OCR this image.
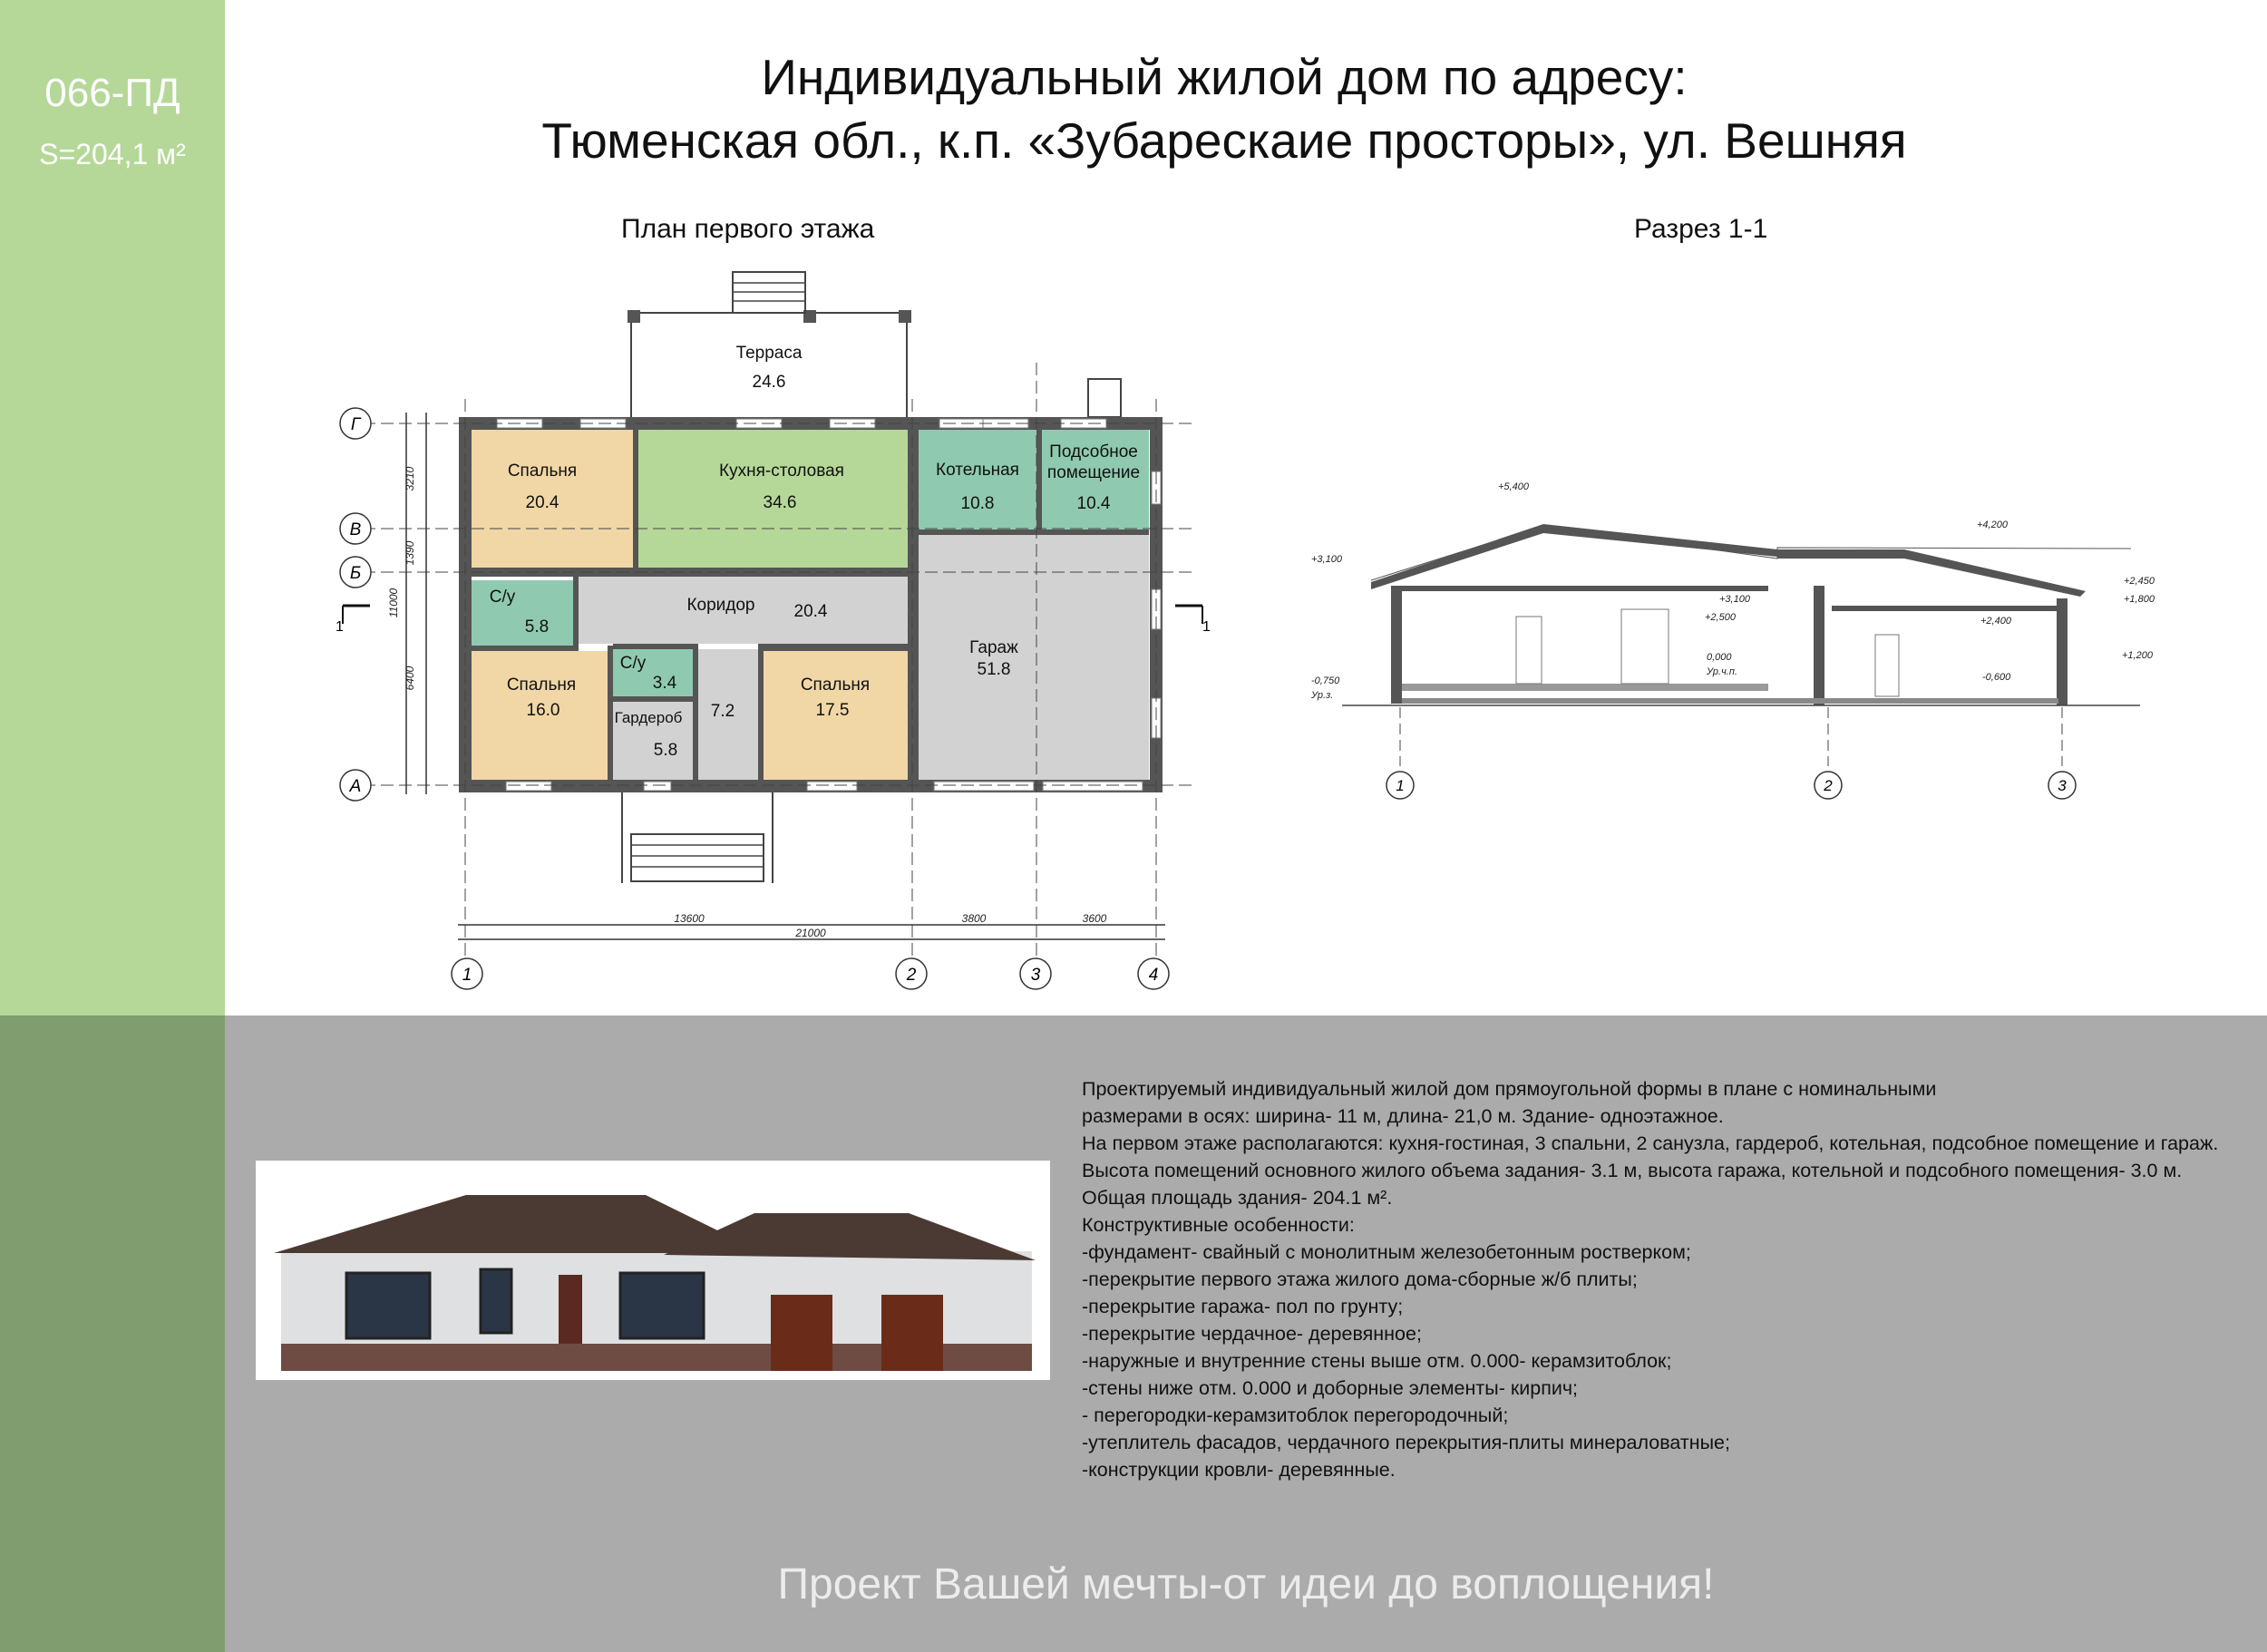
066-ПД
S=204,1 м²
Индивидуальный жилой дом по адресу:
Тюменская обл., к.п. «Зубарескаие просторы», ул. Вешняя
План первого этажа	Разрез 1-1
Терраса
24.6
Спальня
20.4
Кухня-столовая
34.6
Котельная
10.8
Подсобное
помещение
10.4
С/у
5.8
Коридор 20.4
Гараж
51.8
Спальня
16.0
С/у
3.4
Гардероб
5.8
7.2
Спальня
17.5
Г
В
Б
А
1	2	3	4
3210
1390
11000
6400
13600	3800	3600
21000
1	1
1	2	3
+5,400
+4,200
+3,100
+3,100
+2,500
+2,450
+1,800
+2,400
+1,200
-0,600
0,000
Ур.ч.п.
-0,750
Ур.з.
Проектируемый индивидуальный жилой дом прямоугольной формы в плане с номинальными
размерами в осях: ширина- 11 м, длина- 21,0 м. Здание- одноэтажное.
На первом этаже располагаются: кухня-гостиная, 3 спальни, 2 санузла, гардероб, котельная, подсобное помещение и гараж.
Высота помещений основного жилого объема задания- 3.1 м, высота гаража, котельной и подсобного помещения- 3.0 м.
Общая площадь здания- 204.1 м².
Конструктивные особенности:
-фундамент- свайный с монолитным железобетонным ростверком;
-перекрытие первого этажа жилого дома-сборные ж/б плиты;
-перекрытие гаража- пол по грунту;
-перекрытие чердачное- деревянное;
-наружные и внутренние стены выше отм. 0.000- керамзитоблок;
-стены ниже отм. 0.000 и доборные элементы- кирпич;
- перегородки-керамзитоблок перегородочный;
-утеплитель фасадов, чердачного перекрытия-плиты минераловатные;
-конструкции кровли- деревянные.
Проект Вашей мечты-от идеи до воплощения!
